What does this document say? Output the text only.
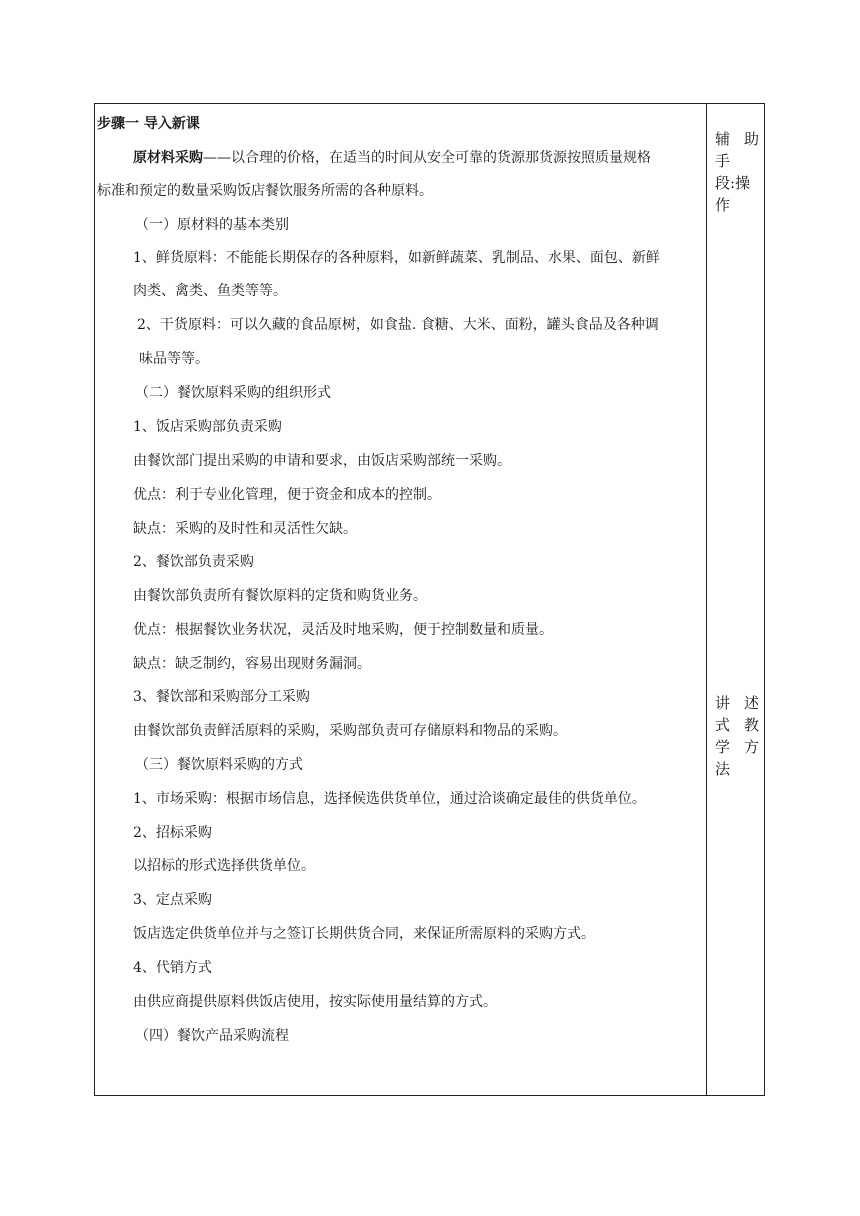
步骤一 导入新课
原材料采购——以合理的价格，在适当的时间从安全可靠的货源那货源按照质量规格
标准和预定的数量采购饭店餐饮服务所需的各种原料。
（一）原材料的基本类别
1、鲜货原料：不能能长期保存的各种原料，如新鲜蔬菜、乳制品、水果、面包、新鲜
肉类、禽类、鱼类等等。
2、干货原料：可以久藏的食品原树，如食盐. 食糖、大米、面粉，罐头食品及各种调
味品等等。
（二）餐饮原料采购的组织形式
1、饭店采购部负责采购
由餐饮部门提出采购的申请和要求，由饭店采购部统一采购。
优点：利于专业化管理，便于资金和成本的控制。
缺点：采购的及时性和灵活性欠缺。
2、餐饮部负责采购
由餐饮部负责所有餐饮原料的定货和购货业务。
优点：根据餐饮业务状况，灵活及时地采购，便于控制数量和质量。
缺点：缺乏制约，容易出现财务漏洞。
3、餐饮部和采购部分工采购
由餐饮部负责鲜活原料的采购，采购部负责可存储原料和物品的采购。
（三）餐饮原料采购的方式
1、市场采购：根据市场信息，选择候选供货单位，通过洽谈确定最佳的供货单位。
2、招标采购
以招标的形式选择供货单位。
3、定点采购
饭店选定供货单位并与之签订长期供货合同，来保证所需原料的采购方式。
4、代销方式
由供应商提供原料供饭店使用，按实际使用量结算的方式。
（四）餐饮产品采购流程
辅 助
手
段:操
作
讲 述
式 教
方
学
法
